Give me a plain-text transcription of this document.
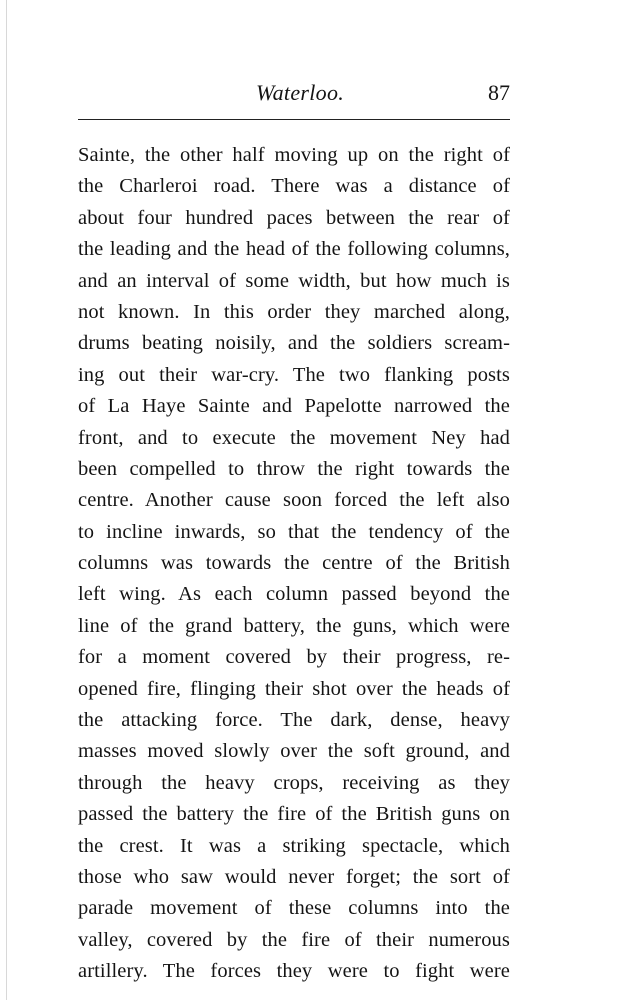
Waterloo.	87
Sainte, the other half moving up on the right of
the Charleroi road. There was a distance of
about four hundred paces between the rear of
the leading and the head of the following columns,
and an interval of some width, but how much is
not known. In this order they marched along,
drums beating noisily, and the soldiers scream-
ing out their war-cry. The two flanking posts
of La Haye Sainte and Papelotte narrowed the
front, and to execute the movement Ney had
been compelled to throw the right towards the
centre. Another cause soon forced the left also
to incline inwards, so that the tendency of the
columns was towards the centre of the British
left wing. As each column passed beyond the
line of the grand battery, the guns, which were
for a moment covered by their progress, re-
opened fire, flinging their shot over the heads of
the attacking force. The dark, dense, heavy
masses moved slowly over the soft ground, and
through the heavy crops, receiving as they
passed the battery the fire of the British guns on
the crest. It was a striking spectacle, which
those who saw would never forget; the sort of
parade movement of these columns into the
valley, covered by the fire of their numerous
artillery. The forces they were to fight were
